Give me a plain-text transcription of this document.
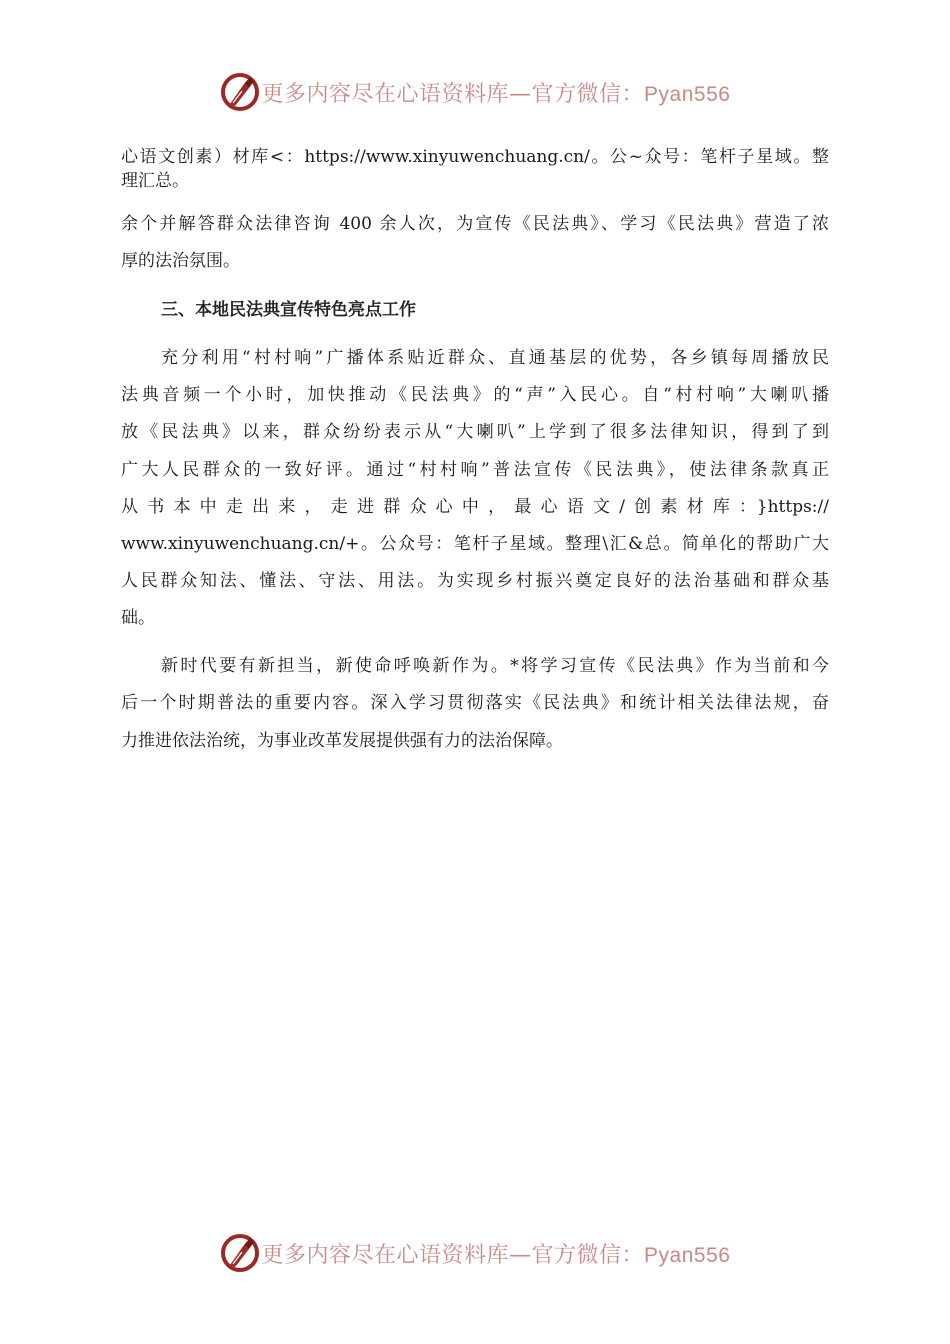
更多内容尽在心语资料库—官方微信：Pyan556
心语文创素）材库<：https://www.xinyuwenchuang.cn/。公~众号：笔杆子星域。整
理汇总。
余个并解答群众法律咨询 400 余人次，为宣传《民法典》、学习《民法典》营造了浓
厚的法治氛围。
三、本地民法典宣传特色亮点工作
充分利用“村村响”广播体系贴近群众、直通基层的优势，各乡镇每周播放民
法典音频一个小时，加快推动《民法典》的“声”入民心。自“村村响”大喇叭播
放《民法典》以来，群众纷纷表示从“大喇叭”上学到了很多法律知识，得到了到
广大人民群众的一致好评。通过“村村响”普法宣传《民法典》，使法律条款真正
从书本中走出来，走进群众心中，最心语文/创素材库：}https://
www.xinyuwenchuang.cn/+。公众号：笔杆子星域。整理\汇&总。简单化的帮助广大
人民群众知法、懂法、守法、用法。为实现乡村振兴奠定良好的法治基础和群众基
础。
新时代要有新担当，新使命呼唤新作为。*将学习宣传《民法典》作为当前和今
后一个时期普法的重要内容。深入学习贯彻落实《民法典》和统计相关法律法规，奋
力推进依法治统，为事业改革发展提供强有力的法治保障。
更多内容尽在心语资料库—官方微信：Pyan556
